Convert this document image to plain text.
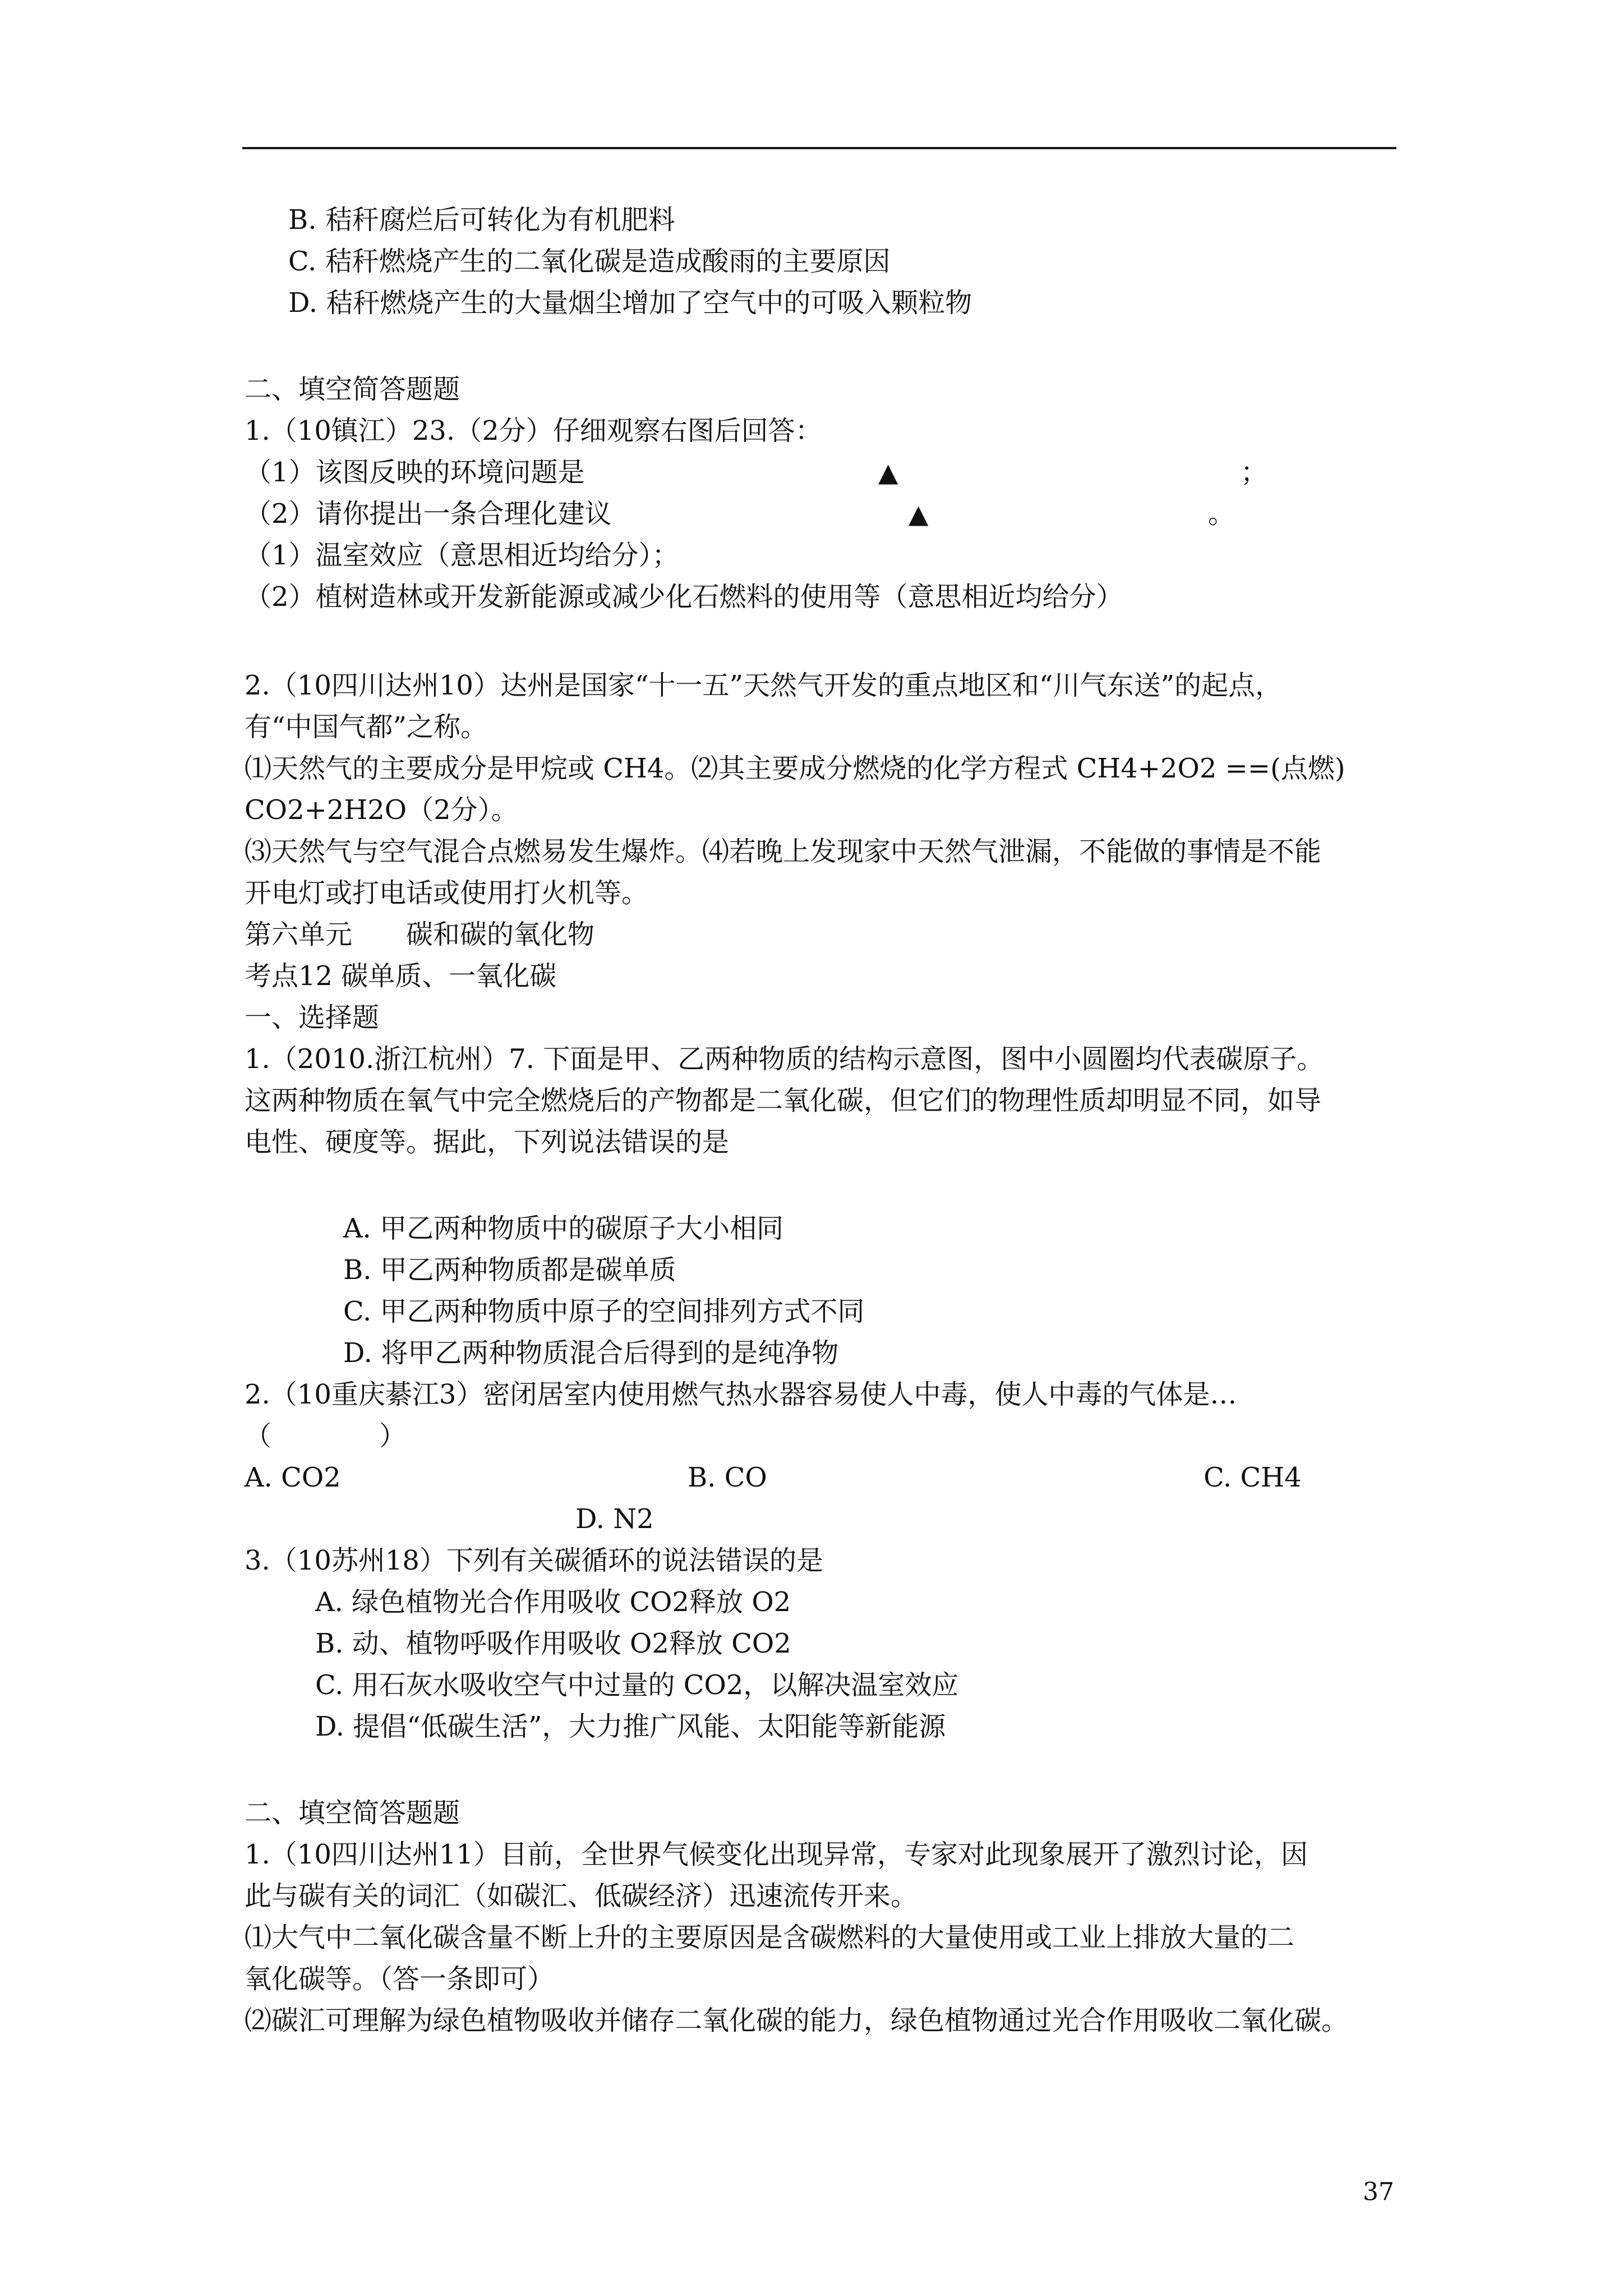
B. 秸秆腐烂后可转化为有机肥料
C. 秸秆燃烧产生的二氧化碳是造成酸雨的主要原因
D. 秸秆燃烧产生的大量烟尘增加了空气中的可吸入颗粒物
二、填空简答题题
1.（10镇江）23.（2分）仔细观察右图后回答：
（1）该图反映的环境问题是	▲	；
（2）请你提出一条合理化建议	▲	。
（1）温室效应（意思相近均给分）；
（2）植树造林或开发新能源或减少化石燃料的使用等（意思相近均给分）
2.（10四川达州10）达州是国家“十一五”天然气开发的重点地区和“川气东送”的起点，
有“中国气都”之称。
⑴天然气的主要成分是甲烷或 CH4。⑵其主要成分燃烧的化学方程式 CH4+2O2 ==(点燃)
CO2+2H2O（2分）。
⑶天然气与空气混合点燃易发生爆炸。⑷若晚上发现家中天然气泄漏，不能做的事情是不能
开电灯或打电话或使用打火机等。
第六单元　　碳和碳的氧化物
考点12 碳单质、一氧化碳
一、选择题
1.（2010.浙江杭州）7. 下面是甲、乙两种物质的结构示意图，图中小圆圈均代表碳原子。
这两种物质在氧气中完全燃烧后的产物都是二氧化碳，但它们的物理性质却明显不同，如导
电性、硬度等。据此，下列说法错误的是
A. 甲乙两种物质中的碳原子大小相同
B. 甲乙两种物质都是碳单质
C. 甲乙两种物质中原子的空间排列方式不同
D. 将甲乙两种物质混合后得到的是纯净物
2.（10重庆綦江3）密闭居室内使用燃气热水器容易使人中毒，使人中毒的气体是…
（　　　　）
A. CO2	B. CO	C. CH4
D. N2
3.（10苏州18）下列有关碳循环的说法错误的是
A. 绿色植物光合作用吸收 CO2释放 O2
B. 动、植物呼吸作用吸收 O2释放 CO2
C. 用石灰水吸收空气中过量的 CO2，以解决温室效应
D. 提倡“低碳生活”，大力推广风能、太阳能等新能源
二、填空简答题题
1.（10四川达州11）目前，全世界气候变化出现异常，专家对此现象展开了激烈讨论，因
此与碳有关的词汇（如碳汇、低碳经济）迅速流传开来。
⑴大气中二氧化碳含量不断上升的主要原因是含碳燃料的大量使用或工业上排放大量的二
氧化碳等。（答一条即可）
⑵碳汇可理解为绿色植物吸收并储存二氧化碳的能力，绿色植物通过光合作用吸收二氧化碳。
37
